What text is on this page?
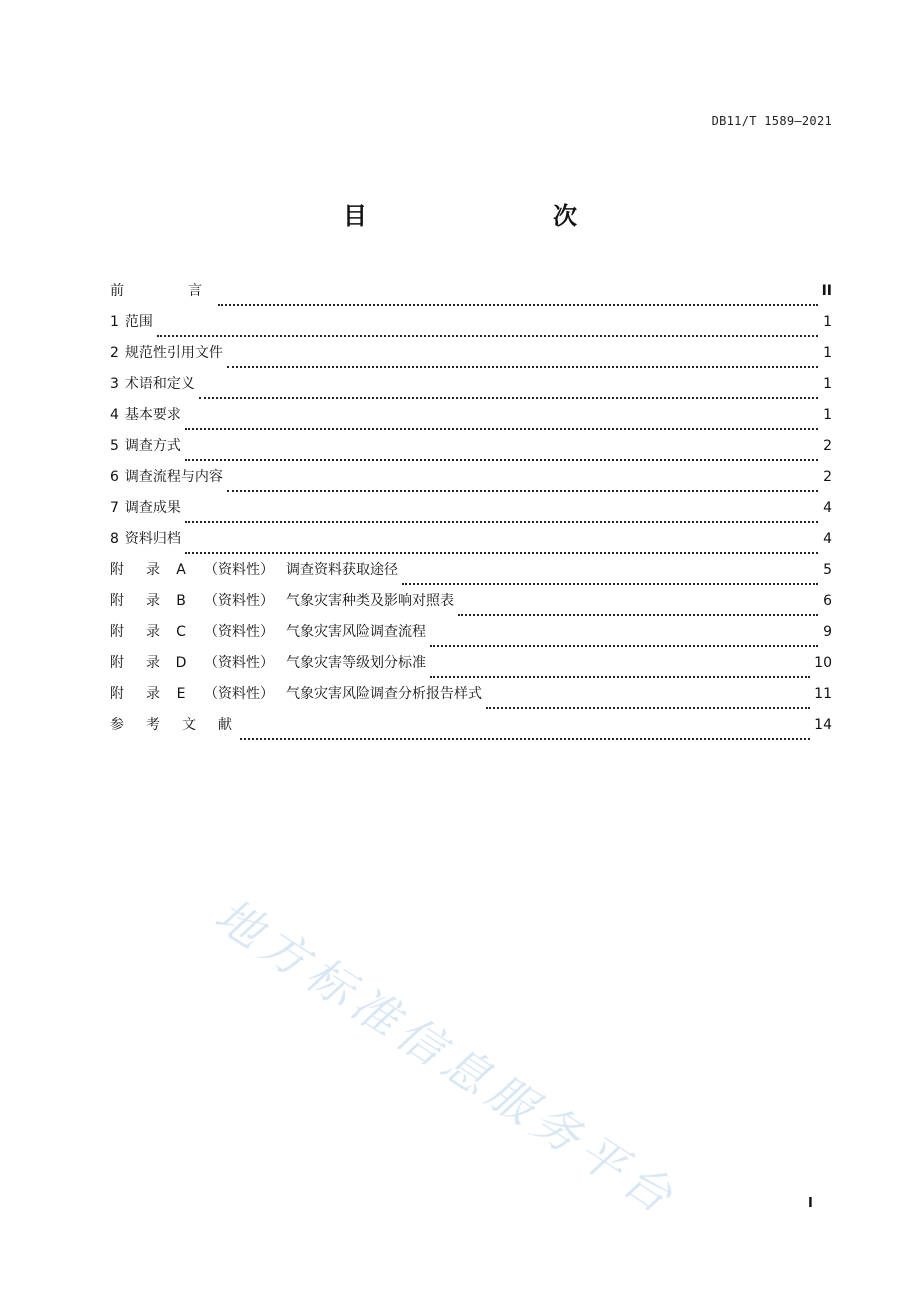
DB11/T 1589—2021
目　　次
前　　言	II
1 范围	1
2 规范性引用文件	1
3 术语和定义	1
4 基本要求	1
5 调查方式	2
6 调查流程与内容	2
7 调查成果	4
8 资料归档	4
附　录 A	（资料性） 调查资料获取途径	5
附　录 B	（资料性） 气象灾害种类及影响对照表	6
附　录 C	（资料性） 气象灾害风险调查流程	9
附　录 D	（资料性） 气象灾害等级划分标准	10
附　录 E	（资料性） 气象灾害风险调查分析报告样式	11
参　考　文　献	14
地方标准信息服务平台	I
